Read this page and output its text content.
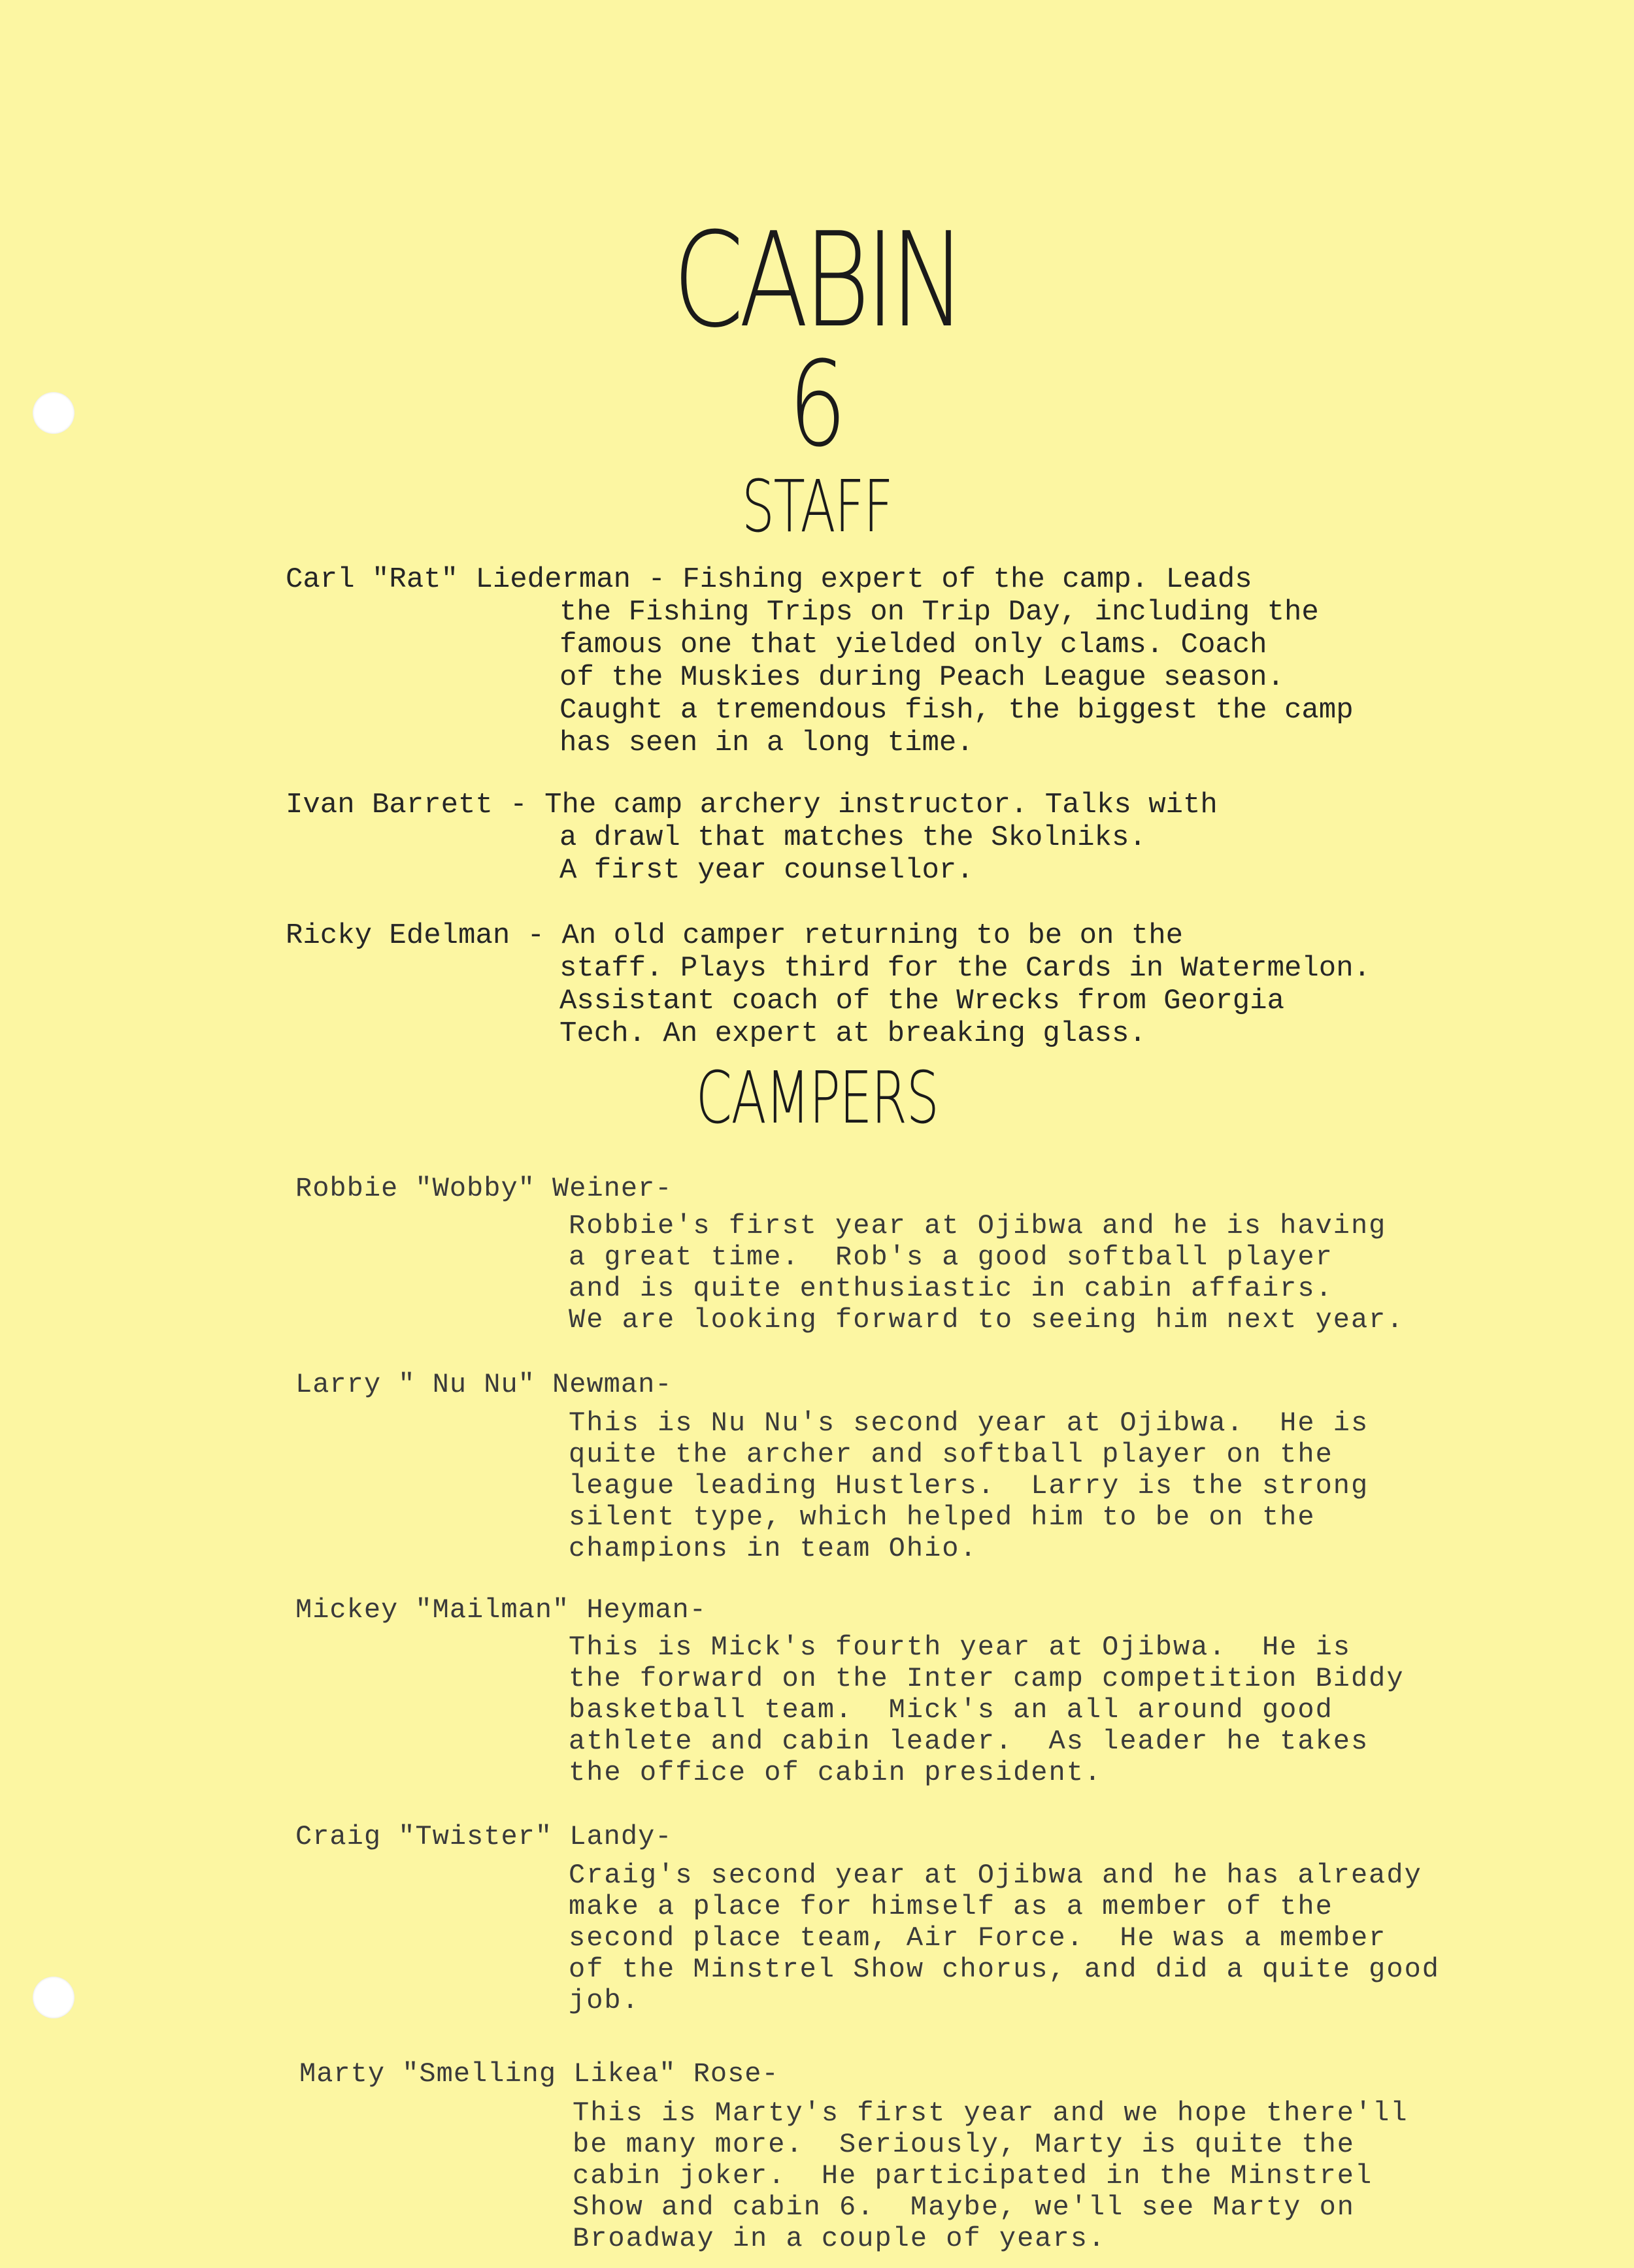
CABIN
6
STAFF
Carl "Rat" Liederman - Fishing expert of the camp. Leads
the Fishing Trips on Trip Day, including the
famous one that yielded only clams. Coach
of the Muskies during Peach League season.
Caught a tremendous fish, the biggest the camp
has seen in a long time.
Ivan Barrett - The camp archery instructor. Talks with
a drawl that matches the Skolniks.
A first year counsellor.
Ricky Edelman - An old camper returning to be on the
staff. Plays third for the Cards in Watermelon.
Assistant coach of the Wrecks from Georgia
Tech. An expert at breaking glass.
CAMPERS
Robbie "Wobby" Weiner-
Robbie's first year at Ojibwa and he is having
a great time.  Rob's a good softball player
and is quite enthusiastic in cabin affairs.
We are looking forward to seeing him next year.
Larry " Nu Nu" Newman-
This is Nu Nu's second year at Ojibwa.  He is
quite the archer and softball player on the
league leading Hustlers.  Larry is the strong
silent type, which helped him to be on the
champions in team Ohio.
Mickey "Mailman" Heyman-
This is Mick's fourth year at Ojibwa.  He is
the forward on the Inter camp competition Biddy
basketball team.  Mick's an all around good
athlete and cabin leader.  As leader he takes
the office of cabin president.
Craig "Twister" Landy-
Craig's second year at Ojibwa and he has already
make a place for himself as a member of the
second place team, Air Force.  He was a member
of the Minstrel Show chorus, and did a quite good
job.
Marty "Smelling Likea" Rose-
This is Marty's first year and we hope there'll
be many more.  Seriously, Marty is quite the
cabin joker.  He participated in the Minstrel
Show and cabin 6.  Maybe, we'll see Marty on
Broadway in a couple of years.
